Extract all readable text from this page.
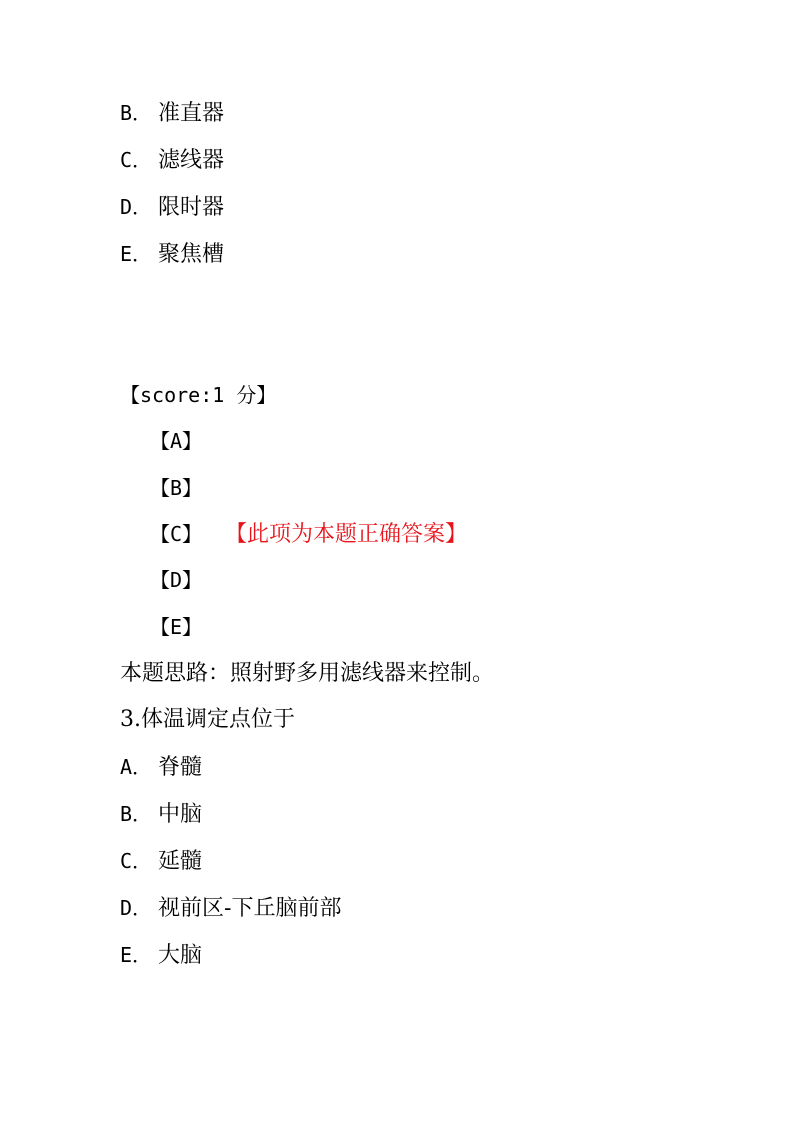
B． 准直器
C． 滤线器
D． 限时器
E． 聚焦槽
【score:1 分】
【A】
【B】
【C】 【此项为本题正确答案】
【D】
【E】
本题思路：照射野多用滤线器来控制。
3.体温调定点位于
A． 脊髓
B． 中脑
C． 延髓
D． 视前区-下丘脑前部
E． 大脑
